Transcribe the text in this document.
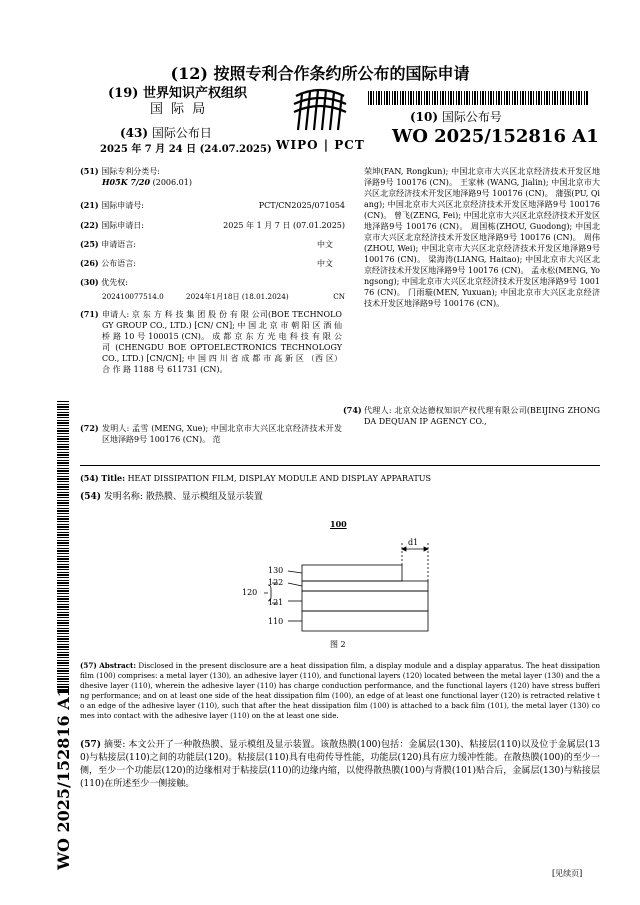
(12) 按照专利合作条约所公布的国际申请
(19) 世界知识产权组织
国 际 局
(43) 国际公布日
2025 年 7 月 24 日 (24.07.2025) WIPO | PCT
(10) 国际公布号
WO 2025/152816 A1
WO 2025/152816 A1
(51) 国际专利分类号:
H05K 7/20 (2006.01)
(21) 国际申请号:	PCT/CN2025/071054
(22) 国际申请日:	2025 年 1 月 7 日 (07.01.2025)
(25) 申请语言:	中文
(26) 公布语言:	中文
(30) 优先权:
202410077514.0	2024年1月18日 (18.01.2024)	CN
(71) 申请人: 京 东 方 科 技 集 团 股 份 有 限 公司(BOE TECHNOLOGY GROUP CO., LTD.) [CN/ CN]; 中 国 北 京 市 朝 阳 区 酒 仙 桥 路 10 号 100015 (CN)。 成 都 京 东 方 光 电 科 技 有 限 公 司 (CHENGDU BOE OPTOELECTRONICS TECHNOLOGY CO., LTD.) [CN/CN]; 中 国 四 川 省 成 都 市 高 新 区 （西 区） 合 作 路 1188 号 611731 (CN)。
(72) 发明人: 孟雪 (MENG, Xue); 中国北京市大兴区北京经济技术开发区地泽路9号 100176 (CN)。 范
荣坤(FAN, Rongkun); 中国北京市大兴区北京经济技术开发区地泽路9号 100176 (CN)。 王家林 (WANG, Jialin); 中国北京市大兴区北京经济技术开发区地泽路9号 100176 (CN)。 蒲强(PU, Qiang); 中国北京市大兴区北京经济技术开发区地泽路9号 100176 (CN)。 曾飞(ZENG, Fei); 中国北京市大兴区北京经济技术开发区地泽路9号 100176 (CN)。 周国栋(ZHOU, Guodong); 中国北京市大兴区北京经济技术开发区地泽路9号 100176 (CN)。 周伟(ZHOU, Wei); 中国北京市大兴区北京经济技术开发区地泽路9号 100176 (CN)。 梁海涛(LIANG, Haitao); 中国北京市大兴区北京经济技术开发区地泽路9号 100176 (CN)。 孟永松(MENG, Yongsong); 中国北京市大兴区北京经济技术开发区地泽路9号 100176 (CN)。 门雨璇(MEN, Yuxuan); 中国北京市大兴区北京经济技术开发区地泽路9号 100176 (CN)。
(74) 代理人: 北京众达德权知识产权代理有限公司(BEIJING ZHONGDA DEQUAN IP AGENCY CO.,
(54) Title: HEAT DISSIPATION FILM, DISPLAY MODULE AND DISPLAY APPARATUS
(54) 发明名称: 散热膜、显示模组及显示装置
100
d1
130
122
120
121
110
图 2
(57) Abstract: Disclosed in the present disclosure are a heat dissipation film, a display module and a display apparatus. The heat dissipation film (100) comprises: a metal layer (130), an adhesive layer (110), and functional layers (120) located between the metal layer (130) and the adhesive layer (110), wherein the adhesive layer (110) has charge conduction performance, and the functional layers (120) have stress buffering performance; and on at least one side of the heat dissipation film (100), an edge of at least one functional layer (120) is retracted relative to an edge of the adhesive layer (110), such that after the heat dissipation film (100) is attached to a back film (101), the metal layer (130) comes into contact with the adhesive layer (110) on the at least one side.
(57) 摘要: 本文公开了一种散热膜、显示模组及显示装置。该散热膜(100)包括：金属层(130)、粘接层(110)以及位于金属层(130)与粘接层(110)之间的功能层(120)。粘接层(110)具有电荷传导性能，功能层(120)具有应力缓冲性能。在散热膜(100)的至少一侧，至少一个功能层(120)的边缘相对于粘接层(110)的边缘内缩，以使得散热膜(100)与背膜(101)贴合后，金属层(130)与粘接层(110)在所述至少一侧接触。
[见续页]
